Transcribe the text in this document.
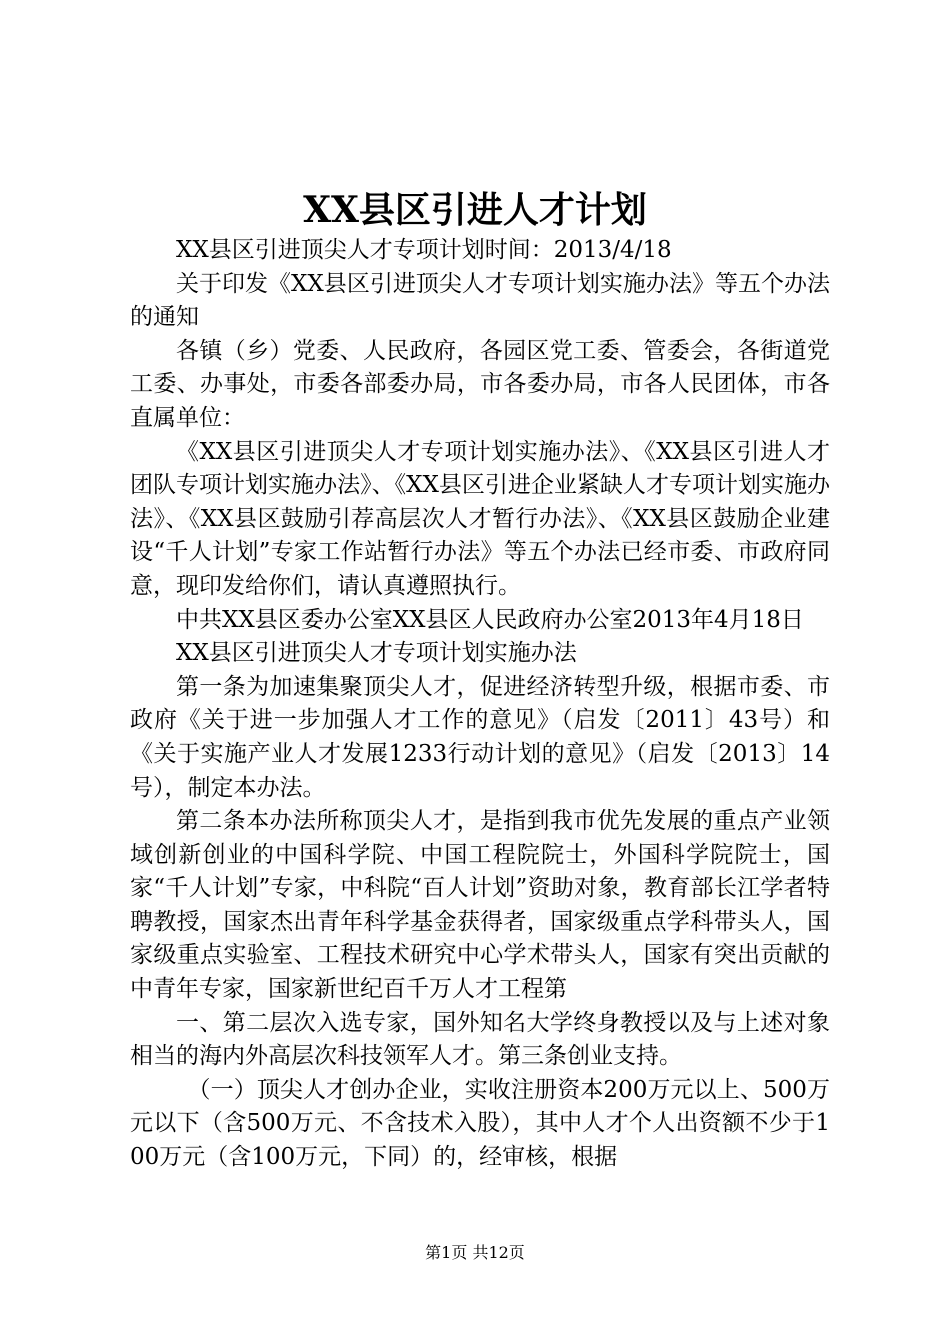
XX县区引进人才计划

XX县区引进顶尖人才专项计划时间：2013/4/18

关于印发《XX县区引进顶尖人才专项计划实施办法》等五个办法的通知

各镇（乡）党委、人民政府，各园区党工委、管委会，各街道党工委、办事处，市委各部委办局，市各委办局，市各人民团体，市各直属单位：

《XX县区引进顶尖人才专项计划实施办法》、《XX县区引进人才团队专项计划实施办法》、《XX县区引进企业紧缺人才专项计划实施办法》、《XX县区鼓励引荐高层次人才暂行办法》、《XX县区鼓励企业建设“千人计划”专家工作站暂行办法》等五个办法已经市委、市政府同意，现印发给你们，请认真遵照执行。

中共XX县区委办公室XX县区人民政府办公室2013年4月18日

XX县区引进顶尖人才专项计划实施办法

第一条为加速集聚顶尖人才，促进经济转型升级，根据市委、市政府《关于进一步加强人才工作的意见》（启发〔2011〕43号）和《关于实施产业人才发展1233行动计划的意见》（启发〔2013〕14号），制定本办法。

第二条本办法所称顶尖人才，是指到我市优先发展的重点产业领域创新创业的中国科学院、中国工程院院士，外国科学院院士，国家“千人计划”专家，中科院“百人计划”资助对象，教育部长江学者特聘教授，国家杰出青年科学基金获得者，国家级重点学科带头人，国家级重点实验室、工程技术研究中心学术带头人，国家有突出贡献的中青年专家，国家新世纪百千万人才工程第

一、第二层次入选专家，国外知名大学终身教授以及与上述对象相当的海内外高层次科技领军人才。第三条创业支持。

（一）顶尖人才创办企业，实收注册资本200万元以上、500万元以下（含500万元、不含技术入股），其中人才个人出资额不少于100万元（含100万元，下同）的，经审核，根据

第1页 共12页
